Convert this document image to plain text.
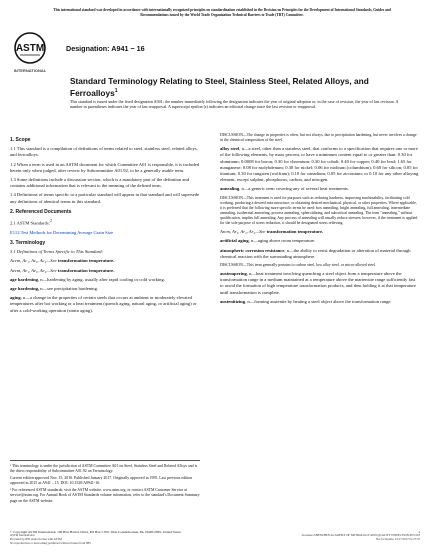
This international standard was developed in accordance with internationally recognized principles on standardization established in the Decision on Principles for the Development of International Standards, Guides and Recommendations issued by the World Trade Organization Technical Barriers to Trade (TBT) Committee.
ASTM
INTERNATIONAL
Designation: A941 − 16
Standard Terminology Relating to Steel, Stainless Steel, Related Alloys, and Ferroalloys$^1$
This standard is issued under the fixed designation A941; the number immediately following the designation indicates the year of original adoption or, in the case of revision, the year of last revision. A number in parentheses indicates the year of last reapproval. A superscript epsilon (ε) indicates an editorial change since the last revision or reapproval.
1. Scope

1.1 This standard is a compilation of definitions of terms related to steel, stainless steel, related alloys, and ferroalloys.

1.2 When a term is used in an ASTM document for which Committee A01 is responsible, it is included herein only when judged, after review by Subcommittee A01.92, to be a generally usable term.

1.3 Some definitions include a discussion section, which is a mandatory part of the definition and contains additional information that is relevant to the meaning of the defined term.

1.4 Definitions of terms specific to a particular standard will appear in that standard and will supersede any definitions of identical terms in this standard.

2. Referenced Documents

2.1 ASTM Standards:$^2$

E112 Test Methods for Determining Average Grain Size

3. Terminology

3.1 Definitions of Terms Specific to This Standard:

Accm, Ac₁, Ac₃, Ac₄—See transformation temperature.

Aecm, Ae₁, Ae₃, Ae₄—See transformation temperature.

age hardening, n—hardening by aging, usually after rapid cooling or cold working.

age hardening, n—see precipitation hardening.

aging, n—a change in the properties of certain steels that occurs at ambient or moderately elevated temperatures after hot working or a heat treatment (quench aging, natural aging, or artificial aging) or after a cold-working operation (strain aging).

¹ This terminology is under the jurisdiction of ASTM Committee A01 on Steel, Stainless Steel and Related Alloys and is the direct responsibility of Subcommittee A01.92 on Terminology.

Current edition approved Nov. 15, 2016. Published January 2017. Originally approved in 1995. Last previous edition approved in 2015 as A941 – 15. DOI: 10.1520/A0941-16.

² For referenced ASTM standards, visit the ASTM website, www.astm.org, or contact ASTM Customer Service at service@astm.org. For Annual Book of ASTM Standards volume information, refer to the standard's Document Summary page on the ASTM website.

DISCUSSION—The change in properties is often, but not always, due to precipitation hardening, but never involves a change in the chemical composition of the steel.

alloy steel, n—a steel, other than a stainless steel, that conforms to a specification that requires one or more of the following elements, by mass percent, to have a minimum content equal to or greater than: 0.30 for aluminum; 0.0008 for boron; 0.30 for chromium; 0.30 for cobalt; 0.40 for copper; 0.40 for lead; 1.65 for manganese; 0.08 for molybdenum; 0.30 for nickel; 0.06 for niobium (columbium); 0.60 for silicon; 0.05 for titanium; 0.30 for tungsten (wolfram); 0.10 for vanadium; 0.05 for zirconium; or 0.10 for any other alloying element, except sulphur, phosphorus, carbon, and nitrogen.

annealing, n—a generic term covering any of several heat treatments.

DISCUSSION—This treatment is used for purposes such as reducing hardness, improving machinability, facilitating cold working, producing a desired microstructure, or obtaining desired mechanical, physical, or other properties. Where applicable, it is preferred that the following more specific terms be used: box annealing, bright annealing, full annealing, intermediate annealing, isothermal annealing, process annealing, spheroidizing, and subcritical annealing. The term "annealing," without qualification, implies full annealing. Any process of annealing will usually reduce stresses; however, if the treatment is applied for the sole purpose of stress reduction, it should be designated stress relieving.

Arcm, Ar₁, Ar₃, Ar₄—See transformation temperature.

artificial aging, n—aging above room temperature.

atmospheric corrosion resistance, n—the ability to resist degradation or alteration of material through chemical reaction with the surrounding atmosphere.

DISCUSSION—This term generally pertains to carbon steel, low alloy steel, or micro-alloyed steel.

austempering, n—heat treatment involving quenching a steel object from a temperature above the transformation range in a medium maintained at a temperature above the martensite range sufficiently fast to avoid the formation of high temperature transformation products, and then holding it at that temperature until transformation is complete.

austenitizing, n—forming austenite by heating a steel object above the transformation range.

© Copyright ASTM International, 100 Barr Harbor Drive, PO Box C700, West Conshohocken, PA 19428-2959. United States	1
ASTM International
Provided by IHS under license with ASTM
No reproduction or networking permitted without license from IHS
Licensee=SHENZHEN ACADEMY OF METROLOGY AND QUALITY INSPECTION 6672118
Not for Resale, 01/17/2017 01:27:55
